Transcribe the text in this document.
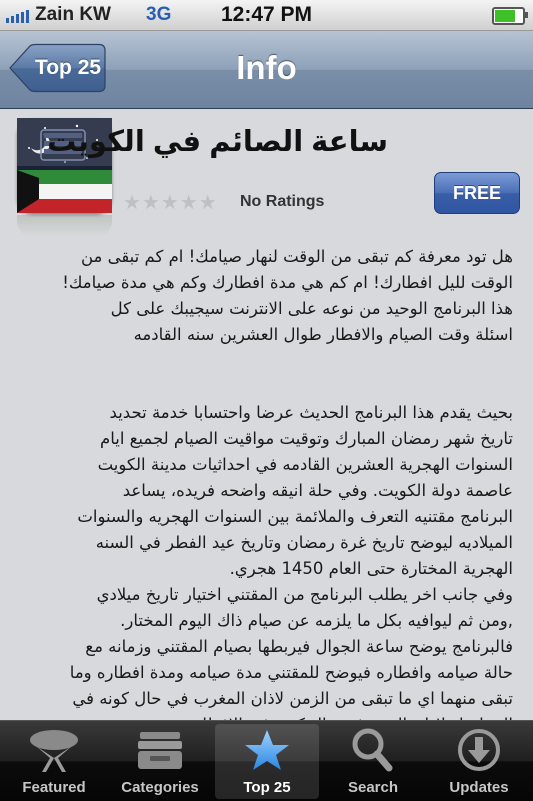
Zain KW 3G	12:47 PM
Top 25	Info
ساعة الصائم في الكويت
★★★★★ No Ratings	FREE

هل تود معرفة كم تبقى من الوقت لنهار صيامك! ام كم تبقى من

الوقت لليل افطارك! ام كم هي مدة افطارك وكم هي مدة صيامك!

هذا البرنامج الوحيد من نوعه على الانترنت سيجيبك على كل

اسئلة وقت الصيام والافطار طوال العشرين سنه القادمه

بحيث يقدم هذا البرنامج الحديث عرضا واحتسابا خدمة تحديد

تاريخ شهر رمضان المبارك وتوقيت مواقيت الصيام لجميع ايام

السنوات الهجرية العشرين القادمه في احداثيات مدينة الكويت

عاصمة دولة الكويت. وفي حلة انيقه واضحه فريده، يساعد

البرنامج مقتنيه التعرف والملائمة بين السنوات الهجريه والسنوات

الميلاديه ليوضح تاريخ غرة رمضان وتاريخ عيد الفطر في السنه

الهجرية المختارة حتى العام 1450 هجري.

وفي جانب اخر يطلب البرنامج من المقتني اختيار تاريخ ميلادي

,ومن ثم ليوافيه بكل ما يلزمه عن صيام ذاك اليوم المختار.

فالبرنامج يوضح ساعة الجوال فيربطها بصيام المقتني وزمانه مع

حالة صيامه وافطاره فيوضح للمقتني مدة صيامه ومدة افطاره وما

تبقى منهما اي ما تبقى من الزمن لاذان المغرب في حال كونه في

Featured	Categories	Top 25	Search	Updates
